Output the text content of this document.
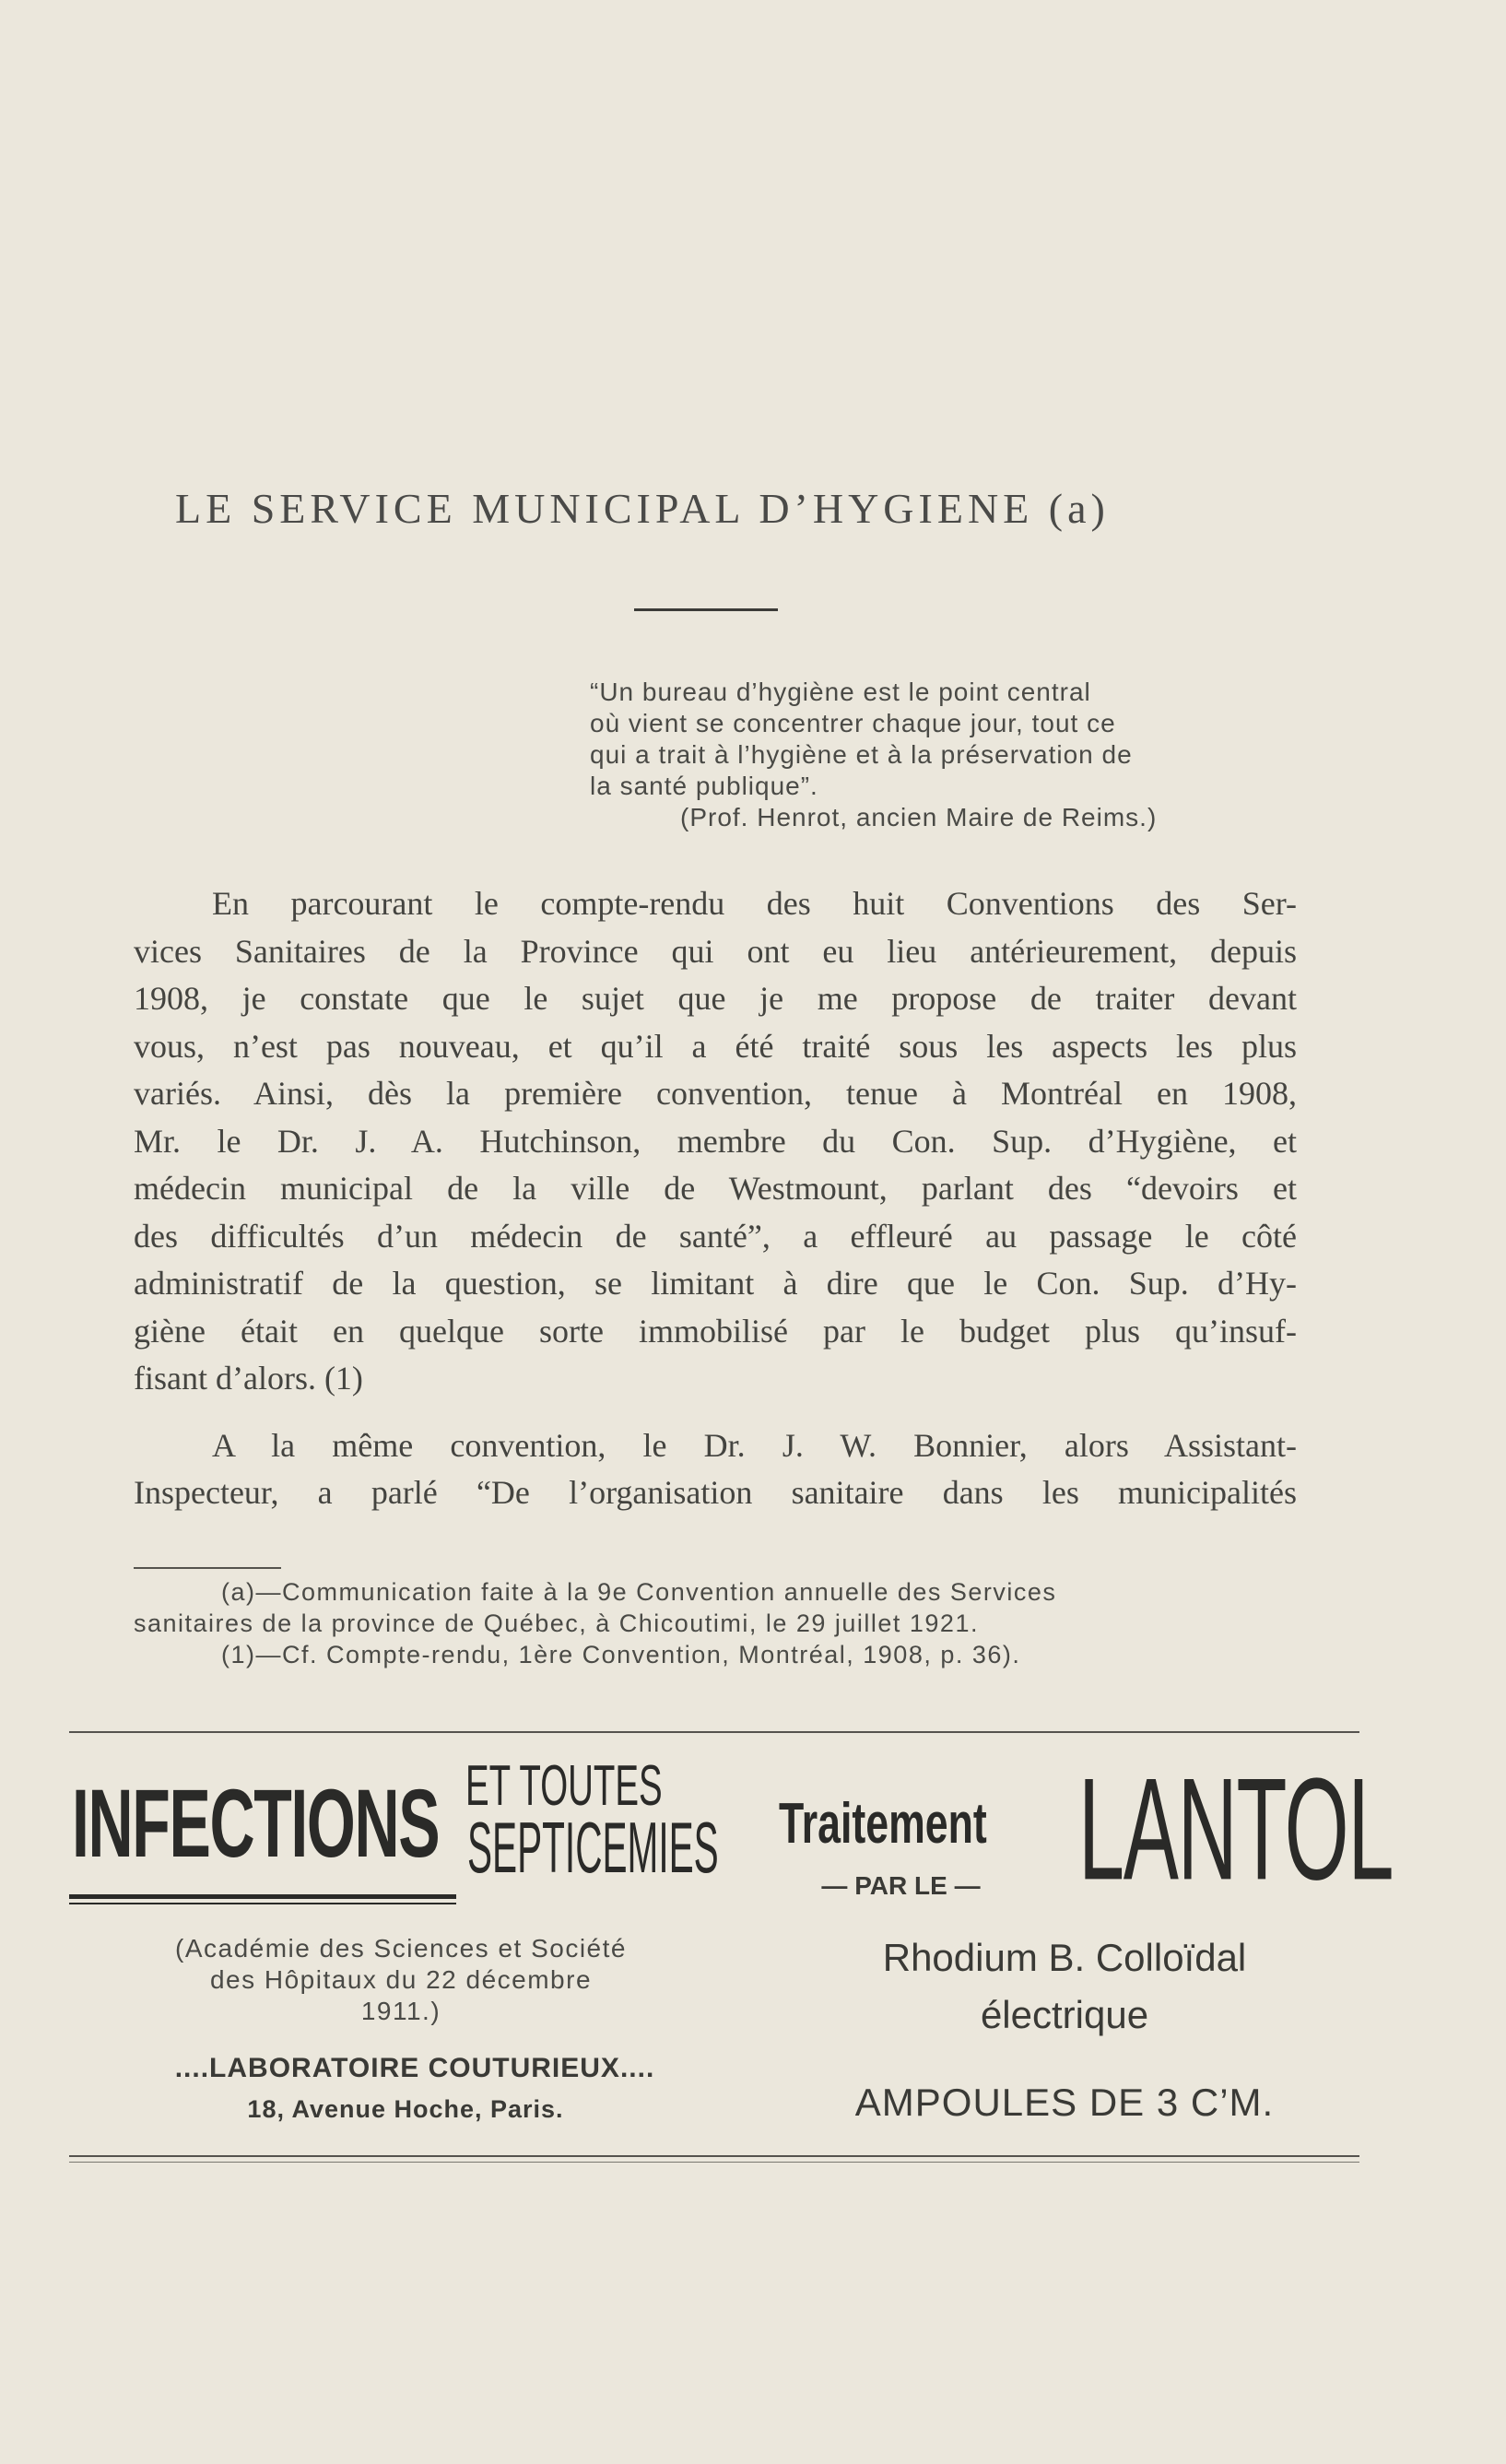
LE SERVICE MUNICIPAL D’HYGIENE (a)
“Un bureau d’hygiène est le point central
où vient se concentrer chaque jour, tout ce
qui a trait à l’hygiène et à la préservation de
la santé publique”.
(Prof. Henrot, ancien Maire de Reims.)
En parcourant le compte-rendu des huit Conventions des Ser-
vices Sanitaires de la Province qui ont eu lieu antérieurement, depuis
1908, je constate que le sujet que je me propose de traiter devant
vous, n’est pas nouveau, et qu’il a été traité sous les aspects les plus
variés. Ainsi, dès la première convention, tenue à Montréal en 1908,
Mr. le Dr. J. A. Hutchinson, membre du Con. Sup. d’Hygiène, et
médecin municipal de la ville de Westmount, parlant des “devoirs et
des difficultés d’un médecin de santé”, a effleuré au passage le côté
administratif de la question, se limitant à dire que le Con. Sup. d’Hy-
giène était en quelque sorte immobilisé par le budget plus qu’insuf-
fisant d’alors. (1)
A la même convention, le Dr. J. W. Bonnier, alors Assistant-
Inspecteur, a parlé “De l’organisation sanitaire dans les municipalités
(a)—Communication faite à la 9e Convention annuelle des Services
sanitaires de la province de Québec, à Chicoutimi, le 29 juillet 1921.
(1)—Cf. Compte-rendu, 1ère Convention, Montréal, 1908, p. 36).
INFECTIONS ET TOUTES
SEPTICEMIES
(Académie des Sciences et Société
des Hôpitaux du 22 décembre
1911.)
....LABORATOIRE COUTURIEUX....
18, Avenue Hoche, Paris.
Traitement
— PAR LE — LANTOL
Rhodium B. Colloïdal
électrique
AMPOULES DE 3 C’M.
